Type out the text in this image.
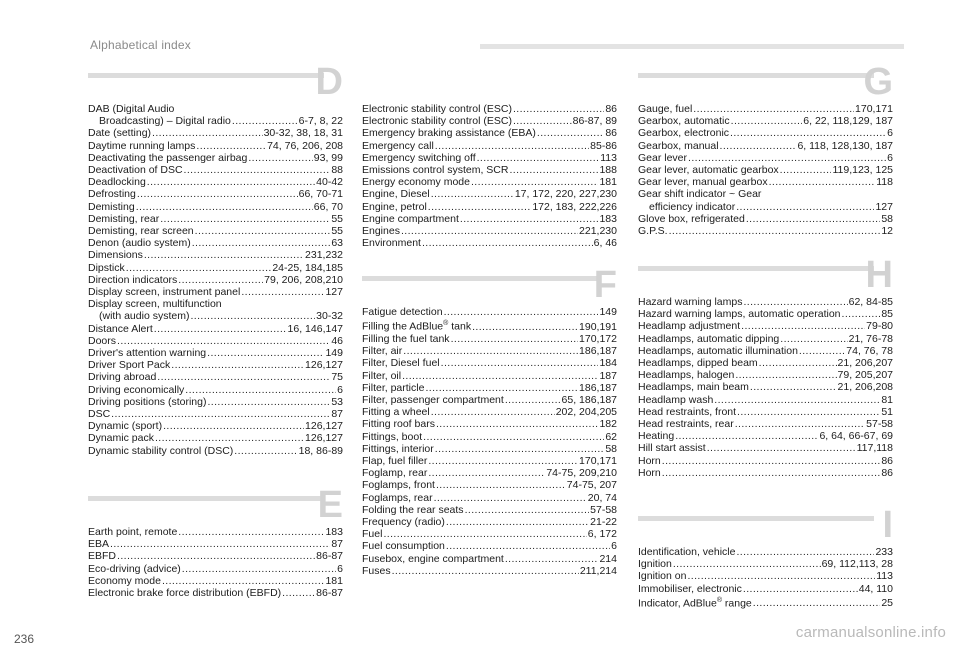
Alphabetical index
D
DAB (Digital Audio
Broadcasting) – Digital radio .....	6-7, 8, 22
Date (setting) .....	30-32, 38, 18, 31
Daytime running lamps .....	74, 76, 206, 208
Deactivating the passenger airbag .....	93, 99
Deactivation of DSC .....	88
Deadlocking .....	40-42
Defrosting .....	66, 70-71
Demisting .....	66, 70
Demisting, rear .....	55
Demisting, rear screen .....	55
Denon (audio system) .....	63
Dimensions .....	231,232
Dipstick .....	24-25, 184,185
Direction indicators .....	79, 206, 208,210
Display screen, instrument panel .....	127
Display screen, multifunction
(with audio system) .....	30-32
Distance Alert .....	16, 146,147
Doors .....	46
Driver's attention warning .....	149
Driver Sport Pack .....	126,127
Driving abroad .....	75
Driving economically .....	6
Driving positions (storing) .....	53
DSC .....	87
Dynamic (sport) .....	126,127
Dynamic pack .....	126,127
Dynamic stability control (DSC) .....	18, 86-89
E
Earth point, remote .....	183
EBA .....	87
EBFD .....	86-87
Eco-driving (advice) .....	6
Economy mode .....	181
Electronic brake force distribution (EBFD) .....	86-87
Electronic stability control (ESC) .....	86
Electronic stability control (ESC) .....	86-87, 89
Emergency braking assistance (EBA) .....	86
Emergency call .....	85-86
Emergency switching off .....	113
Emissions control system, SCR .....	188
Energy economy mode .....	181
Engine, Diesel .....	17, 172, 220, 227,230
Engine, petrol .....	172, 183, 222,226
Engine compartment .....	183
Engines .....	221,230
Environment .....	6, 46
F
Fatigue detection .....	149
Filling the AdBlue® tank .....	190,191
Filling the fuel tank .....	170,172
Filter, air .....	186,187
Filter, Diesel fuel .....	184
Filter, oil .....	187
Filter, particle .....	186,187
Filter, passenger compartment .....	65, 186,187
Fitting a wheel .....	202, 204,205
Fitting roof bars .....	182
Fittings, boot .....	62
Fittings, interior .....	58
Flap, fuel filler .....	170,171
Foglamp, rear .....	74-75, 209,210
Foglamps, front .....	74-75, 207
Foglamps, rear .....	20, 74
Folding the rear seats .....	57-58
Frequency (radio) .....	21-22
Fuel .....	6, 172
Fuel consumption .....	6
Fusebox, engine compartment .....	214
Fuses .....	211,214
G
Gauge, fuel .....	170,171
Gearbox, automatic .....	6, 22, 118,129, 187
Gearbox, electronic .....	6
Gearbox, manual .....	6, 118, 128,130, 187
Gear lever .....	6
Gear lever, automatic gearbox .....	119,123, 125
Gear lever, manual gearbox .....	118
Gear shift indicator ~ Gear
efficiency indicator .....	127
Glove box, refrigerated .....	58
G.P.S. .....	12
H
Hazard warning lamps .....	62, 84-85
Hazard warning lamps, automatic operation .....	85
Headlamp adjustment .....	79-80
Headlamps, automatic dipping .....	21, 76-78
Headlamps, automatic illumination .....	74, 76, 78
Headlamps, dipped beam .....	21, 206,207
Headlamps, halogen .....	79, 205,207
Headlamps, main beam .....	21, 206,208
Headlamp wash .....	81
Head restraints, front .....	51
Head restraints, rear .....	57-58
Heating .....	6, 64, 66-67, 69
Hill start assist .....	117,118
Horn .....	86
Horn .....	86
I
Identification, vehicle .....	233
Ignition .....	69, 112,113, 28
Ignition on .....	113
Immobiliser, electronic .....	44, 110
Indicator, AdBlue® range .....	25
236	carmanualsonline.info
